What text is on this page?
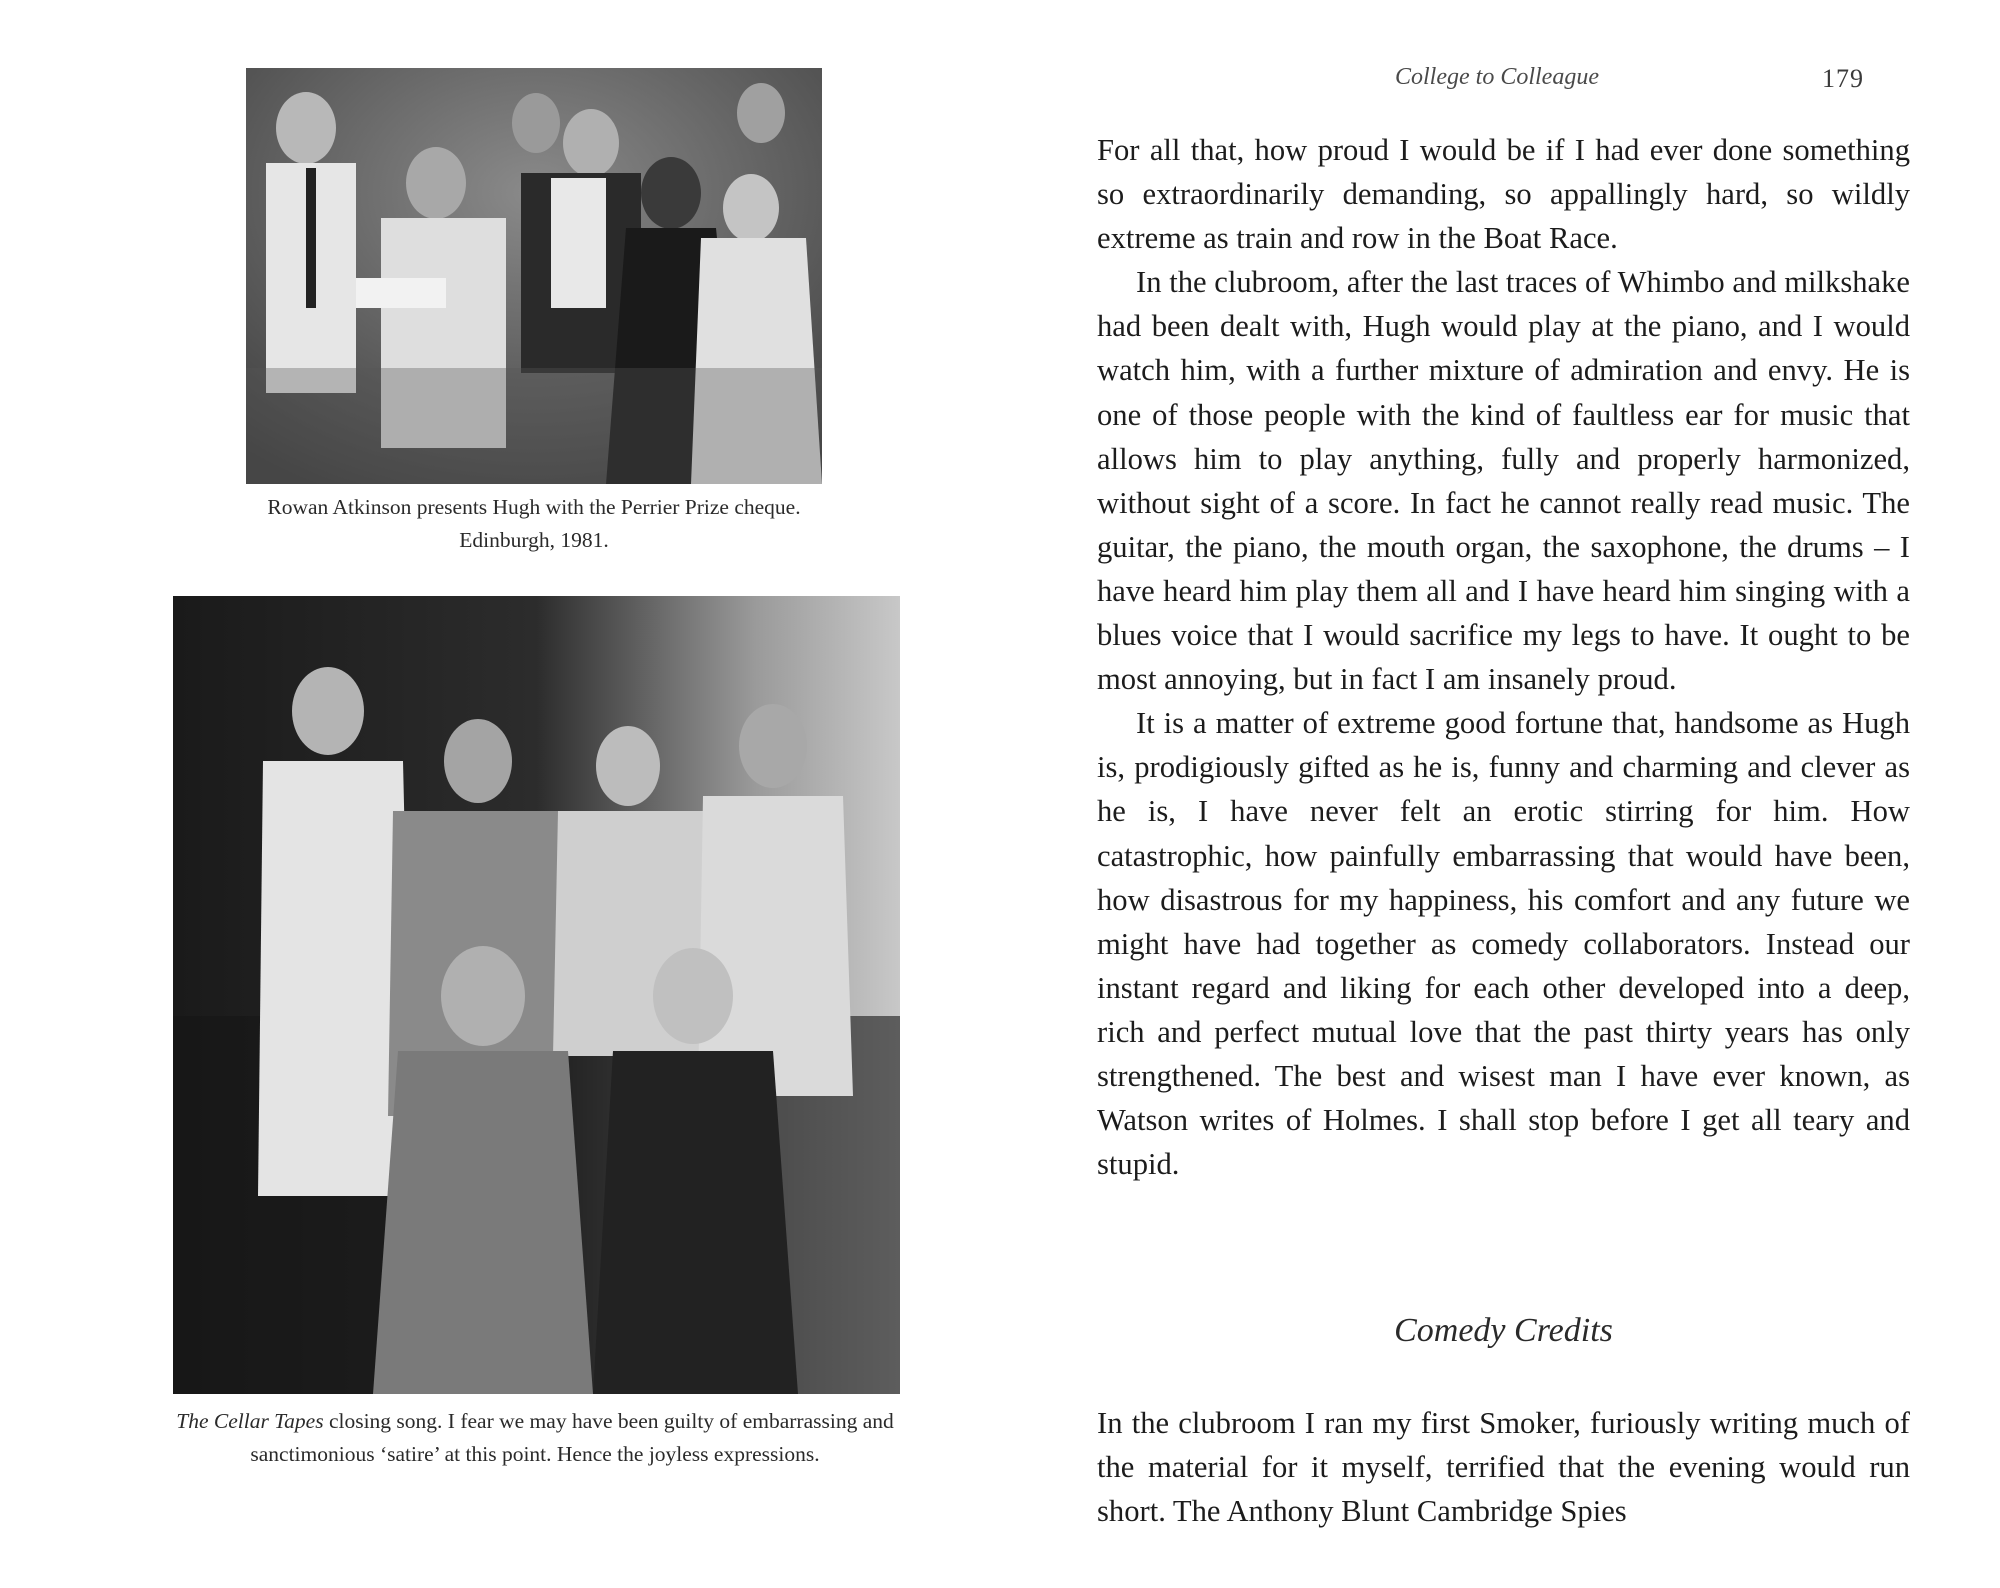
Rowan Atkinson presents Hugh with the Perrier Prize cheque. Edinburgh, 1981.
The Cellar Tapes closing song. I fear we may have been guilty of embarrassing and sanctimonious ‘satire’ at this point. Hence the joyless expressions.
College to Colleague	179

For all that, how proud I would be if I had ever done something so extraordinarily demanding, so appallingly hard, so wildly extreme as train and row in the Boat Race.

In the clubroom, after the last traces of Whimbo and milkshake had been dealt with, Hugh would play at the piano, and I would watch him, with a further mixture of admiration and envy. He is one of those people with the kind of faultless ear for music that allows him to play anything, fully and properly harmonized, without sight of a score. In fact he cannot really read music. The guitar, the piano, the mouth organ, the saxophone, the drums – I have heard him play them all and I have heard him singing with a blues voice that I would sacrifice my legs to have. It ought to be most annoying, but in fact I am insanely proud.

It is a matter of extreme good fortune that, handsome as Hugh is, prodigiously gifted as he is, funny and charming and clever as he is, I have never felt an erotic stirring for him. How catastrophic, how painfully embarrassing that would have been, how disastrous for my happiness, his comfort and any future we might have had together as comedy collaborators. Instead our instant regard and liking for each other developed into a deep, rich and perfect mutual love that the past thirty years has only strengthened. The best and wisest man I have ever known, as Watson writes of Holmes. I shall stop before I get all teary and stupid.

Comedy Credits
In the clubroom I ran my first Smoker, furiously writing much of the material for it myself, terrified that the evening would run short. The Anthony Blunt Cambridge Spies
